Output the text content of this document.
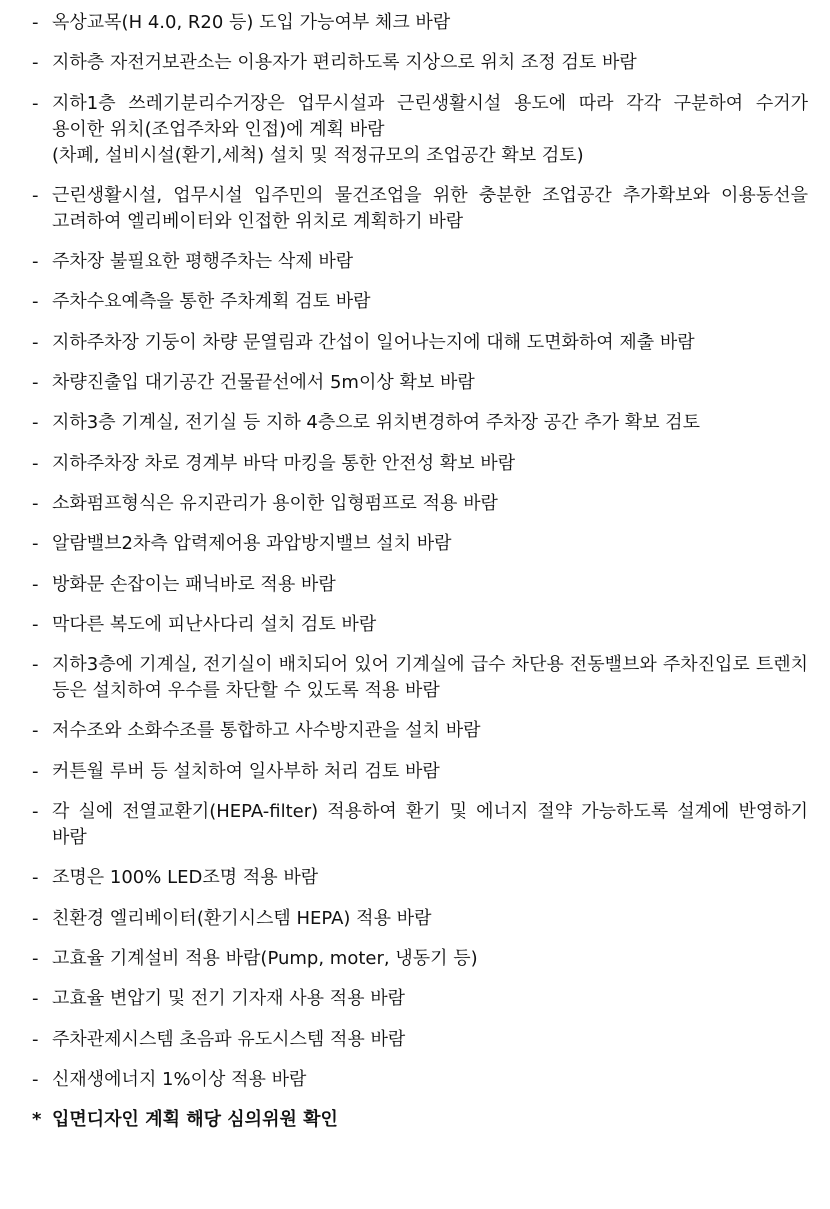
- 옥상교목(H 4.0, R20 등) 도입 가능여부 체크 바람
- 지하층 자전거보관소는 이용자가 편리하도록 지상으로 위치 조정 검토 바람
- 지하1층 쓰레기분리수거장은 업무시설과 근린생활시설 용도에 따라 각각 구분하여 수거가 용이한 위치(조업주차와 인접)에 계획 바람
(차폐, 설비시설(환기,세척) 설치 및 적정규모의 조업공간 확보 검토)
- 근린생활시설, 업무시설 입주민의 물건조업을 위한 충분한 조업공간 추가확보와 이용동선을 고려하여 엘리베이터와 인접한 위치로 계획하기 바람
- 주차장 불필요한 평행주차는 삭제 바람
- 주차수요예측을 통한 주차계획 검토 바람
- 지하주차장 기둥이 차량 문열림과 간섭이 일어나는지에 대해 도면화하여 제출 바람
- 차량진출입 대기공간 건물끝선에서 5m이상 확보 바람
- 지하3층 기계실, 전기실 등 지하 4층으로 위치변경하여 주차장 공간 추가 확보 검토
- 지하주차장 차로 경계부 바닥 마킹을 통한 안전성 확보 바람
- 소화펌프형식은 유지관리가 용이한 입형펌프로 적용 바람
- 알람밸브2차측 압력제어용 과압방지밸브 설치 바람
- 방화문 손잡이는 패닉바로 적용 바람
- 막다른 복도에 피난사다리 설치 검토 바람
- 지하3층에 기계실, 전기실이 배치되어 있어 기계실에 급수 차단용 전동밸브와 주차진입로 트렌치 등은 설치하여 우수를 차단할 수 있도록 적용 바람
- 저수조와 소화수조를 통합하고 사수방지관을 설치 바람
- 커튼월 루버 등 설치하여 일사부하 처리 검토 바람
- 각 실에 전열교환기(HEPA-filter) 적용하여 환기 및 에너지 절약 가능하도록 설계에 반영하기 바람
- 조명은 100% LED조명 적용 바람
- 친환경 엘리베이터(환기시스템 HEPA) 적용 바람
- 고효율 기계설비 적용 바람(Pump, moter, 냉동기 등)
- 고효율 변압기 및 전기 기자재 사용 적용 바람
- 주차관제시스템 초음파 유도시스템 적용 바람
- 신재생에너지 1%이상 적용 바람
* 입면디자인 계획 해당 심의위원 확인
